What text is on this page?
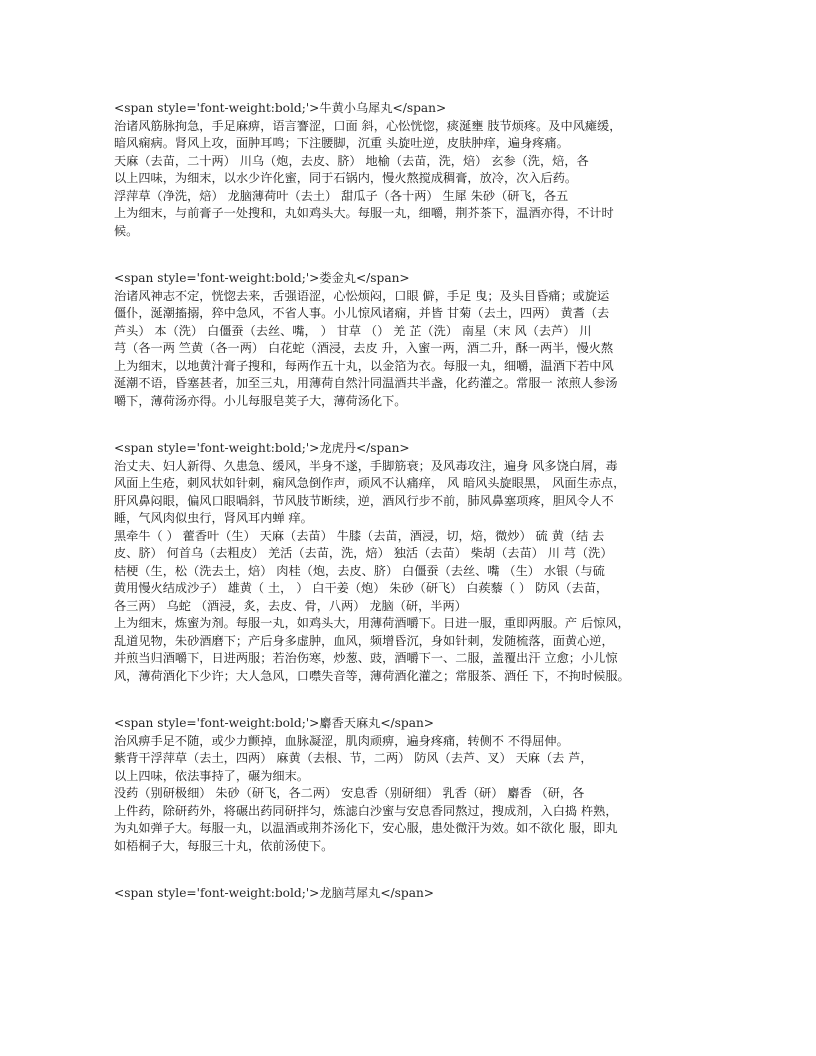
<span style='font-weight:bold;'>牛黄小乌犀丸</span>

治诸风筋脉拘急，手足麻痹，语言謇涩，口面 斜，心忪恍惚，痰涎壅 肢节烦疼。及中风瘫缓，

暗风痫病。肾风上攻，面肿耳鸣；下注腰脚，沉重 头旋吐逆，皮肤肿痒，遍身疼痛。

天麻（去苗，二十两） 川乌（炮，去皮、脐） 地榆（去苗，洗，焙） 玄参（洗，焙，各

以上四味，为细末，以水少许化蜜，同于石锅内，慢火熬搅成稠膏，放冷，次入后药。

浮萍草（净洗，焙） 龙脑薄荷叶（去土） 甜瓜子（各十两） 生犀 朱砂（研飞，各五

上为细末，与前膏子一处搜和，丸如鸡头大。每服一丸，细嚼，荆芥茶下，温酒亦得，不计时

候。

<span style='font-weight:bold;'>娄金丸</span>

治诸风神志不定，恍惚去来，舌强语涩，心忪烦闷，口眼 僻，手足 曳；及头目昏痛；或旋运

僵仆，涎潮搐搦，猝中急风，不省人事。小儿惊风诸痫，并皆 甘菊（去土，四两） 黄耆（去

芦头） 本（洗） 白僵蚕（去丝、嘴， ） 甘草 （） 羌 芷（洗） 南星（末 风（去芦） 川

芎（各一两 竺黄（各一两） 白花蛇（酒浸，去皮 升，入蜜一两，酒二升，酥一两半，慢火熬

上为细末，以地黄汁膏子搜和，每两作五十丸，以金箔为衣。每服一丸，细嚼，温酒下若中风

涎潮不语，昏塞甚者，加至三丸，用薄荷自然汁同温酒共半盏，化药灌之。常服一 浓煎人参汤

嚼下，薄荷汤亦得。小儿每服皂荚子大，薄荷汤化下。

<span style='font-weight:bold;'>龙虎丹</span>

治丈夫、妇人新得、久患急、缓风，半身不遂，手脚筋衰；及风毒攻注，遍身 风多饶白屑，毒

风面上生疮，刺风状如针刺，痫风急倒作声，顽风不认痛痒， 风 暗风头旋眼黑， 风面生赤点，

肝风鼻闷眼，偏风口眼喎斜，节风肢节断续，逆，酒风行步不前，肺风鼻塞项疼，胆风令人不

睡，气风肉似虫行，肾风耳内蝉 痒。

黑牵牛（ ） 藿香叶（生） 天麻（去苗） 牛膝（去苗，酒浸，切，焙，微炒） 硫 黄（结 去

皮、脐） 何首乌（去粗皮） 羌活（去苗，洗，焙） 独活（去苗） 柴胡（去苗） 川 芎（洗）

桔梗（生，松（洗去土，焙） 肉桂（炮，去皮、脐） 白僵蚕（去丝、嘴 （生） 水银（与硫

黄用慢火结成沙子） 雄黄（ 土， ） 白干姜（炮） 朱砂（研飞） 白蒺藜（ ） 防风（去苗，

各三两） 乌蛇 （酒浸，炙，去皮、骨，八两） 龙脑（研，半两）

上为细末，炼蜜为剂。每服一丸，如鸡头大，用薄荷酒嚼下。日进一服，重即两服。产 后惊风，

乱道见物，朱砂酒磨下；产后身多虚肿，血风，频增昏沉，身如针刺，发随梳落，面黄心逆，

并煎当归酒嚼下，日进两服；若治伤寒，炒葱、豉，酒嚼下一、二服，盖覆出汗 立愈；小儿惊

风，薄荷酒化下少许；大人急风，口噤失音等，薄荷酒化灌之；常服茶、酒任 下，不拘时候服。

<span style='font-weight:bold;'>麝香天麻丸</span>

治风痹手足不随，或少力颤掉，血脉凝涩，肌肉顽痹，遍身疼痛，转侧不 不得屈伸。

紫背干浮萍草（去土，四两） 麻黄（去根、节，二两） 防风（去芦、叉） 天麻（去 芦，

以上四味，依法事持了，碾为细末。

没药（别研极细） 朱砂（研飞，各二两） 安息香（别研细） 乳香（研） 麝香 （研，各

上件药，除研药外，将碾出药同研拌匀，炼滤白沙蜜与安息香同熬过，搜成剂，入白捣 杵熟，

为丸如弹子大。每服一丸，以温酒或荆芥汤化下，安心服，患处微汗为效。如不欲化 服，即丸

如梧桐子大，每服三十丸，依前汤使下。

<span style='font-weight:bold;'>龙脑芎犀丸</span>
